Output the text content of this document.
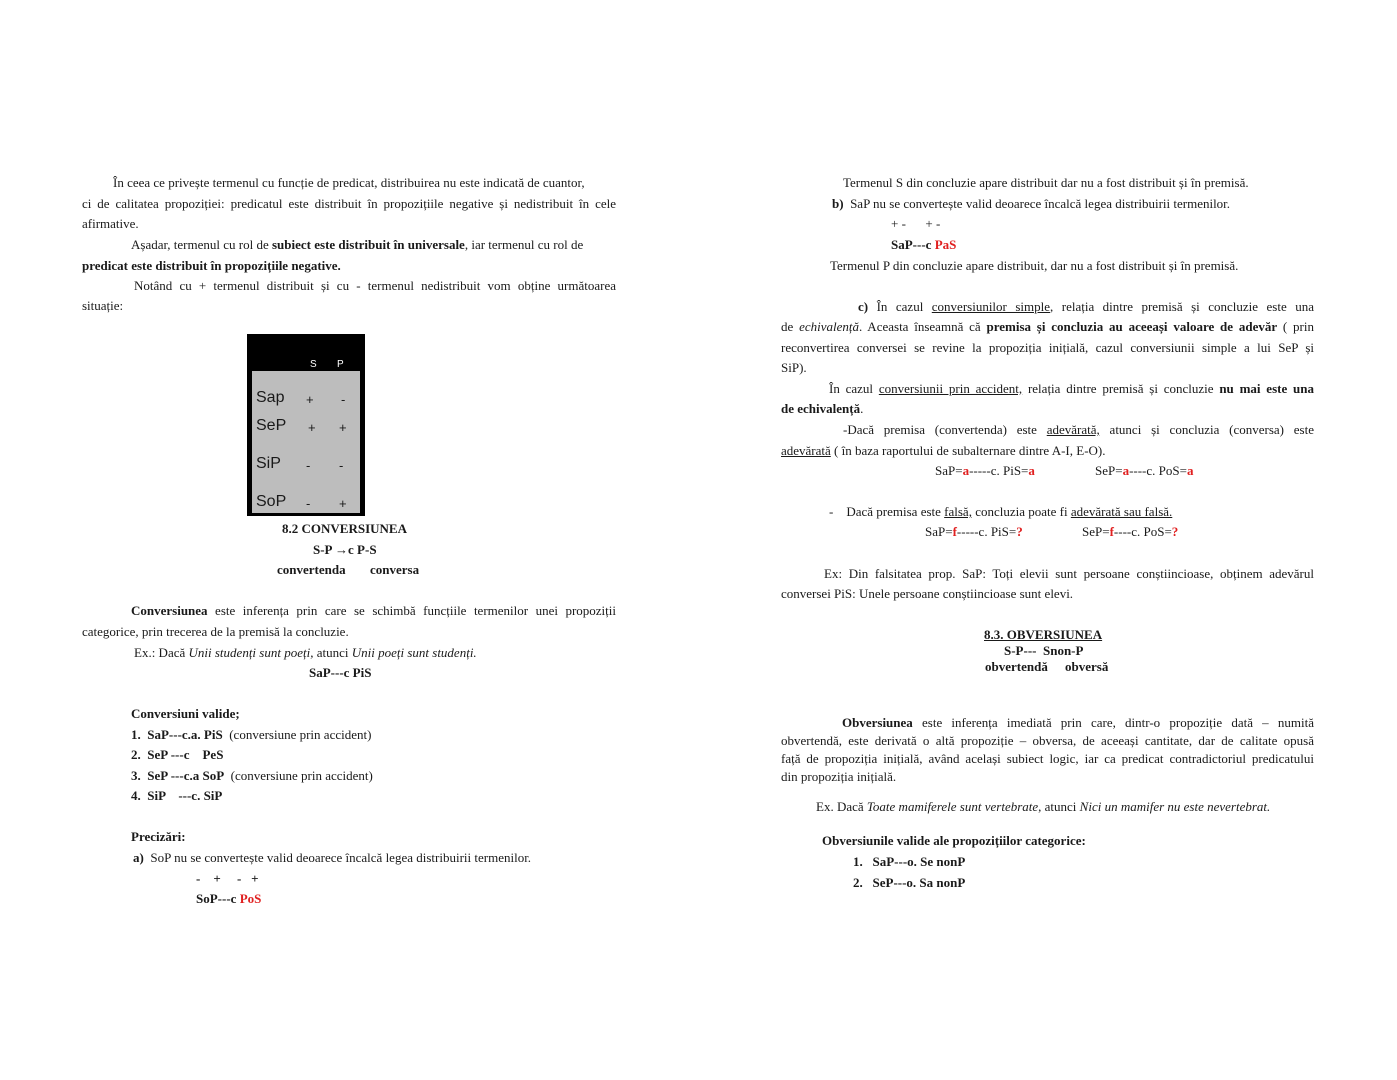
În ceea ce privește termenul cu funcție de predicat, distribuirea nu este indicată de cuantor,
ci de calitatea propoziției: predicatul este distribuit în propozițiile negative și nedistribuit în cele
afirmative.
Așadar, termenul cu rol de subiect este distribuit în universale, iar termenul cu rol de
predicat este distribuit în propozițiile negative.
Notând cu + termenul distribuit și cu - termenul nedistribuit vom obține următoarea
situație:
S P
Sap + -
SeP + +
SiP - -
SoP - +
8.2 CONVERSIUNEA
S-P →c P-S
convertenda conversa
Conversiunea este inferența prin care se schimbă funcțiile termenilor unei propoziții
categorice, prin trecerea de la premisă la concluzie.
Ex.: Dacă Unii studenți sunt poeți, atunci Unii poeți sunt studenți.
SaP---c PiS
Conversiuni valide;
1. SaP---c.a. PiS (conversiune prin accident)
2. SeP ---c    PeS
3. SeP ---c.a SoP (conversiune prin accident)
4. SiP    ---c. SiP
Precizări:
a) SoP nu se convertește valid deoarece încalcă legea distribuirii termenilor.
-    +     -   +
SoP---c PoS
Termenul S din concluzie apare distribuit dar nu a fost distribuit și în premisă.
b) SaP nu se convertește valid deoarece încalcă legea distribuirii termenilor.
+ -      + -
SaP---c PaS
Termenul P din concluzie apare distribuit, dar nu a fost distribuit și în premisă.
c) În cazul conversiunilor simple, relația dintre premisă și concluzie este una
de echivalență. Aceasta înseamnă că premisa și concluzia au aceeași valoare de adevăr ( prin
reconvertirea conversei se revine la propoziția inițială, cazul conversiunii simple a lui SeP și
SiP).
În cazul conversiunii prin accident, relația dintre premisă și concluzie nu mai este una
de echivalență.
-Dacă premisa (convertenda) este adevărată, atunci și concluzia (conversa) este
adevărată ( în baza raportului de subalternare dintre A-I, E-O).
SaP=a-----c. PiS=a	SeP=a----c. PoS=a
- Dacă premisa este falsă, concluzia poate fi adevărată sau falsă.
SaP=f-----c. PiS=?	SeP=f----c. PoS=?
Ex: Din falsitatea prop. SaP: Toți elevii sunt persoane conștiincioase, obținem adevărul
conversei PiS: Unele persoane conștiincioase sunt elevi.
8.3. OBVERSIUNEA
S-P---  Snon-P
obvertendă obversă
Obversiunea este inferența imediată prin care, dintr-o propoziție dată – numită
obvertendă, este derivată o altă propoziție – obversa, de aceeași cantitate, dar de calitate opusă
față de propoziția inițială, având același subiect logic, iar ca predicat contradictoriul predicatului
din propoziția inițială.
Ex. Dacă Toate mamiferele sunt vertebrate, atunci Nici un mamifer nu este nevertebrat.
Obversiunile valide ale propozițiilor categorice:
1. SaP---o. Se nonP
2. SeP---o. Sa nonP
